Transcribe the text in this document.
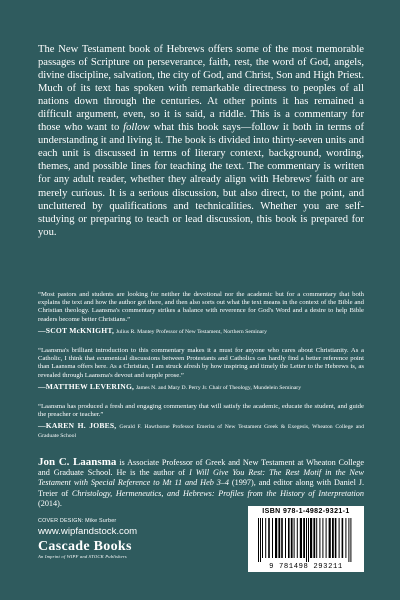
The New Testament book of Hebrews offers some of the most memorable passages of Scripture on perseverance, faith, rest, the word of God, angels, divine discipline, salvation, the city of God, and Christ, Son and High Priest. Much of its text has spoken with remarkable directness to peoples of all nations down through the centuries. At other points it has remained a difficult argument, even, so it is said, a riddle. This is a commentary for those who want to follow what this book says—follow it both in terms of understanding it and living it. The book is divided into thirty-seven units and each unit is discussed in terms of literary context, background, wording, themes, and possible lines for teaching the text. The commentary is written for any adult reader, whether they already align with Hebrews' faith or are merely curious. It is a serious discussion, but also direct, to the point, and uncluttered by qualifications and technicalities. Whether you are self-studying or preparing to teach or lead discussion, this book is prepared for you.

“Most pastors and students are looking for neither the devotional nor the academic but for a commentary that both explains the text and how the author got there, and then also sorts out what the text means in the context of the Bible and Christian theology. Laansma's commentary strikes a balance with reverence for God's Word and a desire to help Bible readers become better Christians.”

—SCOT McKNIGHT, Julius R. Mantey Professor of New Testament, Northern Seminary

“Laansma's brilliant introduction to this commentary makes it a must for anyone who cares about Christianity. As a Catholic, I think that ecumenical discussions between Protestants and Catholics can hardly find a better reference point than Laansma offers here. As a Christian, I am struck afresh by how inspiring and timely the Letter to the Hebrews is, as revealed through Laansma's devout and supple prose.”

—MATTHEW LEVERING, James N. and Mary D. Perry Jr. Chair of Theology, Mundelein Seminary

“Laansma has produced a fresh and engaging commentary that will satisfy the academic, educate the student, and guide the preacher or teacher.”

—KAREN H. JOBES, Gerald F. Hawthorne Professor Emerita of New Testament Greek & Exegesis, Wheaton College and Graduate School

Jon C. Laansma is Associate Professor of Greek and New Testament at Wheaton College and Graduate School. He is the author of I Will Give You Rest: The Rest Motif in the New Testament with Special Reference to Mt 11 and Heb 3–4 (1997), and editor along with Daniel J. Treier of Christology, Hermeneutics, and Hebrews: Profiles from the History of Interpretation (2014).

COVER DESIGN: Mike Surber
www.wipfandstock.com
Cascade Books
An Imprint of WIPF and STOCK Publishers
ISBN 978-1-4982-9321-1
9 781498 293211
